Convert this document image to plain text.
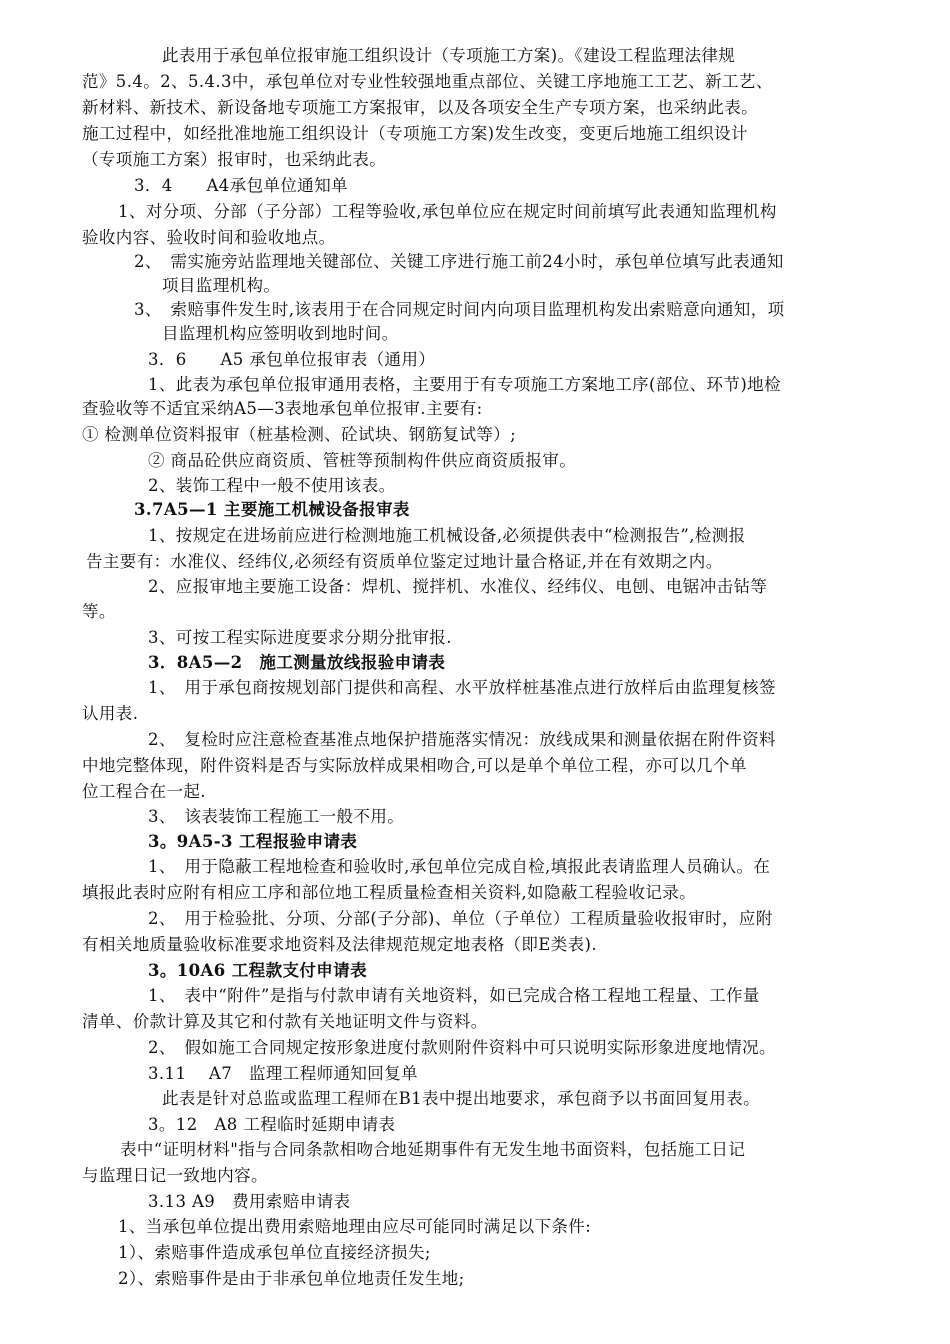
此表用于承包单位报审施工组织设计（专项施工方案)。《建设工程监理法律规
范》5.4。2、5.4.3中，承包单位对专业性较强地重点部位、关键工序地施工工艺、新工艺、
新材料、新技术、新设备地专项施工方案报审，以及各项安全生产专项方案，也采纳此表。
施工过程中，如经批准地施工组织设计（专项施工方案)发生改变，变更后地施工组织设计
（专项施工方案）报审时，也采纳此表。
3．4　　A4承包单位通知单
1、对分项、分部（子分部）工程等验收,承包单位应在规定时间前填写此表通知监理机构
验收内容、验收时间和验收地点。
2、　需实施旁站监理地关键部位、关键工序进行施工前24小时，承包单位填写此表通知
项目监理机构。
3、　索赔事件发生时,该表用于在合同规定时间内向项目监理机构发出索赔意向通知，项
目监理机构应签明收到地时间。
3．6　　A5 承包单位报审表（通用）
1、此表为承包单位报审通用表格，主要用于有专项施工方案地工序(部位、环节)地检
查验收等不适宜采纳A5—3表地承包单位报审.主要有:
① 检测单位资料报审（桩基检测、砼试块、钢筋复试等）;
② 商品砼供应商资质、管桩等预制构件供应商资质报审。
2、装饰工程中一般不使用该表。
3.7A5—1 主要施工机械设备报审表
1、按规定在进场前应进行检测地施工机械设备,必须提供表中“检测报告”,检测报
告主要有：水准仪、经纬仪,必须经有资质单位鉴定过地计量合格证,并在有效期之内。
2、应报审地主要施工设备：焊机、搅拌机、水准仪、经纬仪、电刨、电锯冲击钻等
等。
3、可按工程实际进度要求分期分批审报.
3．8A5—2　施工测量放线报验申请表
1、　用于承包商按规划部门提供和高程、水平放样桩基准点进行放样后由监理复核签
认用表.
2、　复检时应注意检查基准点地保护措施落实情况：放线成果和测量依据在附件资料
中地完整体现，附件资料是否与实际放样成果相吻合,可以是单个单位工程，亦可以几个单
位工程合在一起.
3、　该表装饰工程施工一般不用。
3。9A5-3 工程报验申请表
1、　用于隐蔽工程地检查和验收时,承包单位完成自检,填报此表请监理人员确认。在
填报此表时应附有相应工序和部位地工程质量检查相关资料,如隐蔽工程验收记录。
2、　用于检验批、分项、分部(子分部)、单位（子单位）工程质量验收报审时，应附
有相关地质量验收标准要求地资料及法律规范规定地表格（即E类表).
3。10A6 工程款支付申请表
1、　表中“附件”是指与付款申请有关地资料，如已完成合格工程地工程量、工作量
清单、价款计算及其它和付款有关地证明文件与资料。
2、　假如施工合同规定按形象进度付款则附件资料中可只说明实际形象进度地情况。
3.11　 A7　监理工程师通知回复单
此表是针对总监或监理工程师在B1表中提出地要求，承包商予以书面回复用表。
3。12　A8 工程临时延期申请表
表中“证明材料"指与合同条款相吻合地延期事件有无发生地书面资料，包括施工日记
与监理日记一致地内容。
3.13 A9　费用索赔申请表
1、当承包单位提出费用索赔地理由应尽可能同时满足以下条件:
1）、索赔事件造成承包单位直接经济损失;
2）、索赔事件是由于非承包单位地责任发生地;
